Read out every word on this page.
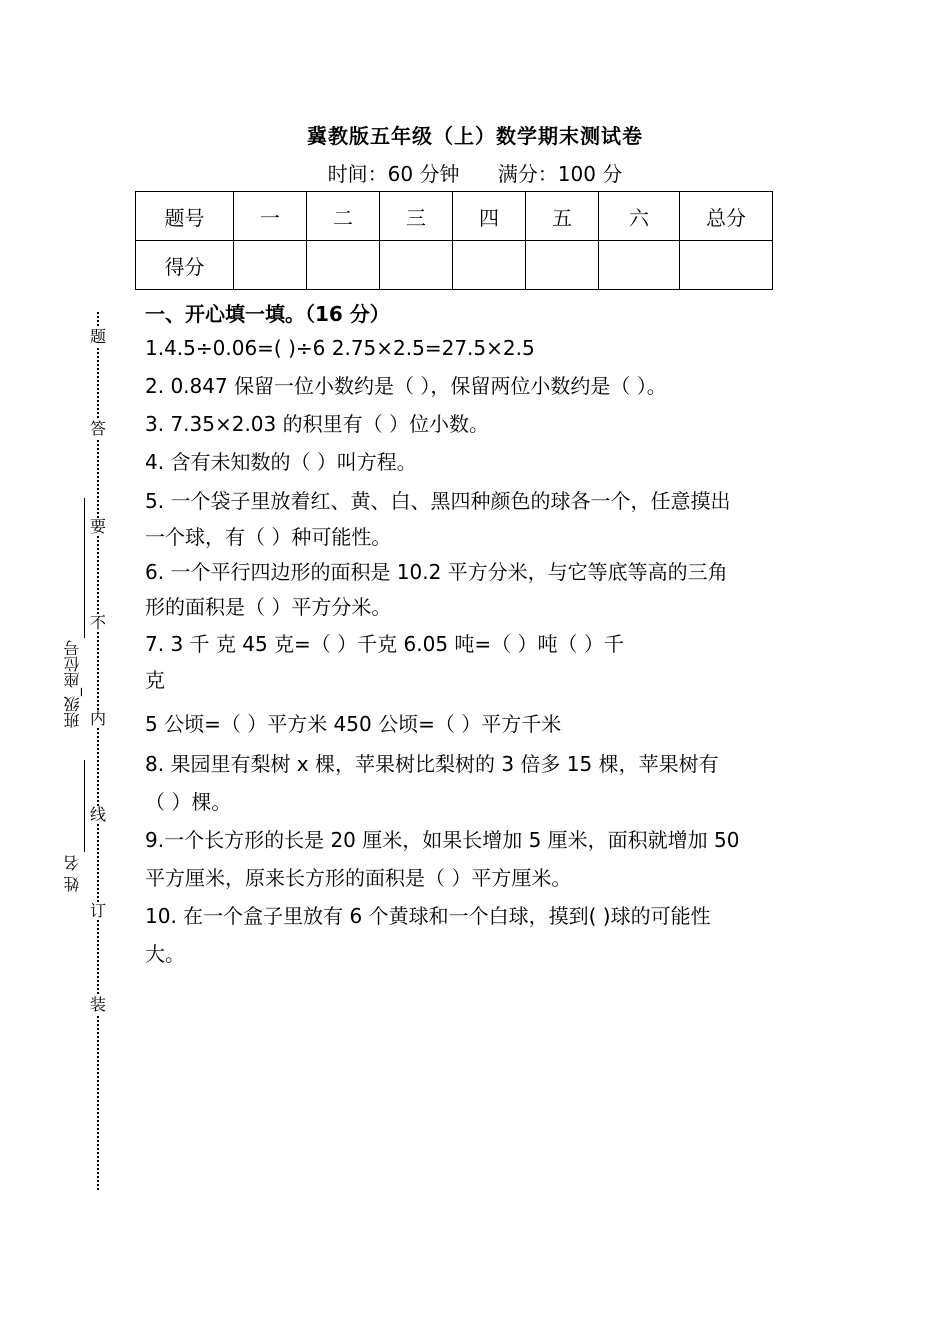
冀教版五年级（上）数学期末测试卷
时间：60 分钟 满分：100 分
题号	一	二	三	四	五	六	总分
得分							
一、开心填一填。（16 分）
1.4.5÷0.06=( )÷6 2.75×2.5=27.5×2.5
2. 0.847 保留一位小数约是（ ），保留两位小数约是（ ）。
3. 7.35×2.03 的积里有（ ）位小数。
4. 含有未知数的（ ）叫方程。
5. 一个袋子里放着红、黄、白、黑四种颜色的球各一个，任意摸出
一个球，有（ ）种可能性。
6. 一个平行四边形的面积是 10.2 平方分米，与它等底等高的三角
形的面积是（ ）平方分米。
7. 3 千 克 45 克=（ ）千克 6.05 吨=（ ）吨（ ）千
克
5 公顷=（ ）平方米 450 公顷=（ ）平方千米
8. 果园里有梨树 x 棵，苹果树比梨树的 3 倍多 15 棵，苹果树有
（ ）棵。
9.一个长方形的长是 20 厘米，如果长增加 5 厘米，面积就增加 50
平方厘米，原来长方形的面积是（ ）平方厘米。
10. 在一个盒子里放有 6 个黄球和一个白球，摸到( )球的可能性
大。
题
答
要
不
内
线
订
装
班级_座位号
姓 名
